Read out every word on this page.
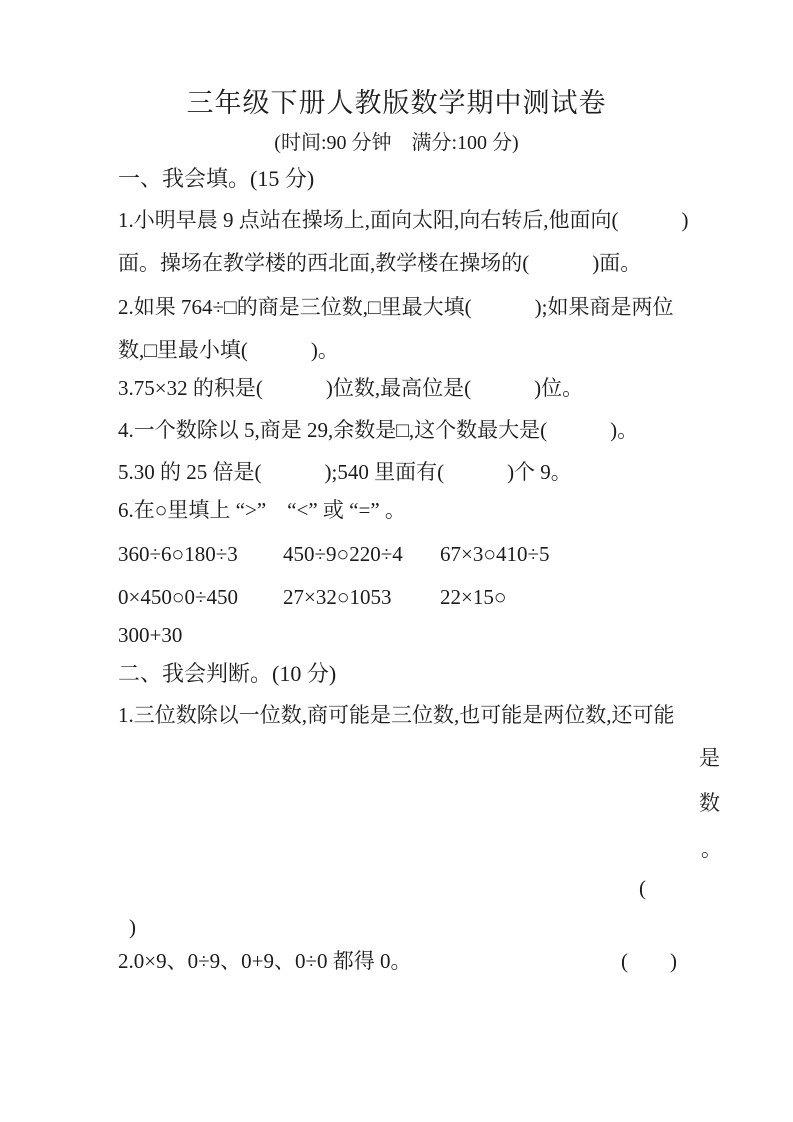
三年级下册人教版数学期中测试卷
(时间:90 分钟　满分:100 分)
一、我会填。(15 分)
1.小明早晨 9 点站在操场上,面向太阳,向右转后,他面向(　　　)
面。操场在教学楼的西北面,教学楼在操场的(　　　)面。
2.如果 764÷□的商是三位数,□里最大填(　　　);如果商是两位
数,□里最小填(　　　)。
3.75×32 的积是(　　　)位数,最高位是(　　　)位。
4.一个数除以 5,商是 29,余数是□,这个数最大是(　　　)。
5.30 的 25 倍是(　　　);540 里面有(　　　)个 9。
6.在○里填上 “>”　“<” 或 “=” 。
360÷6○180÷3 450÷9○220÷4 67×3○410÷5
0×450○0÷450 27×32○1053 22×15○
300+30
二、我会判断。(10 分)
1.三位数除以一位数,商可能是三位数,也可能是两位数,还可能
是
数
。
(
)
2.0×9、0÷9、0+9、0÷0 都得 0。	(　　)
